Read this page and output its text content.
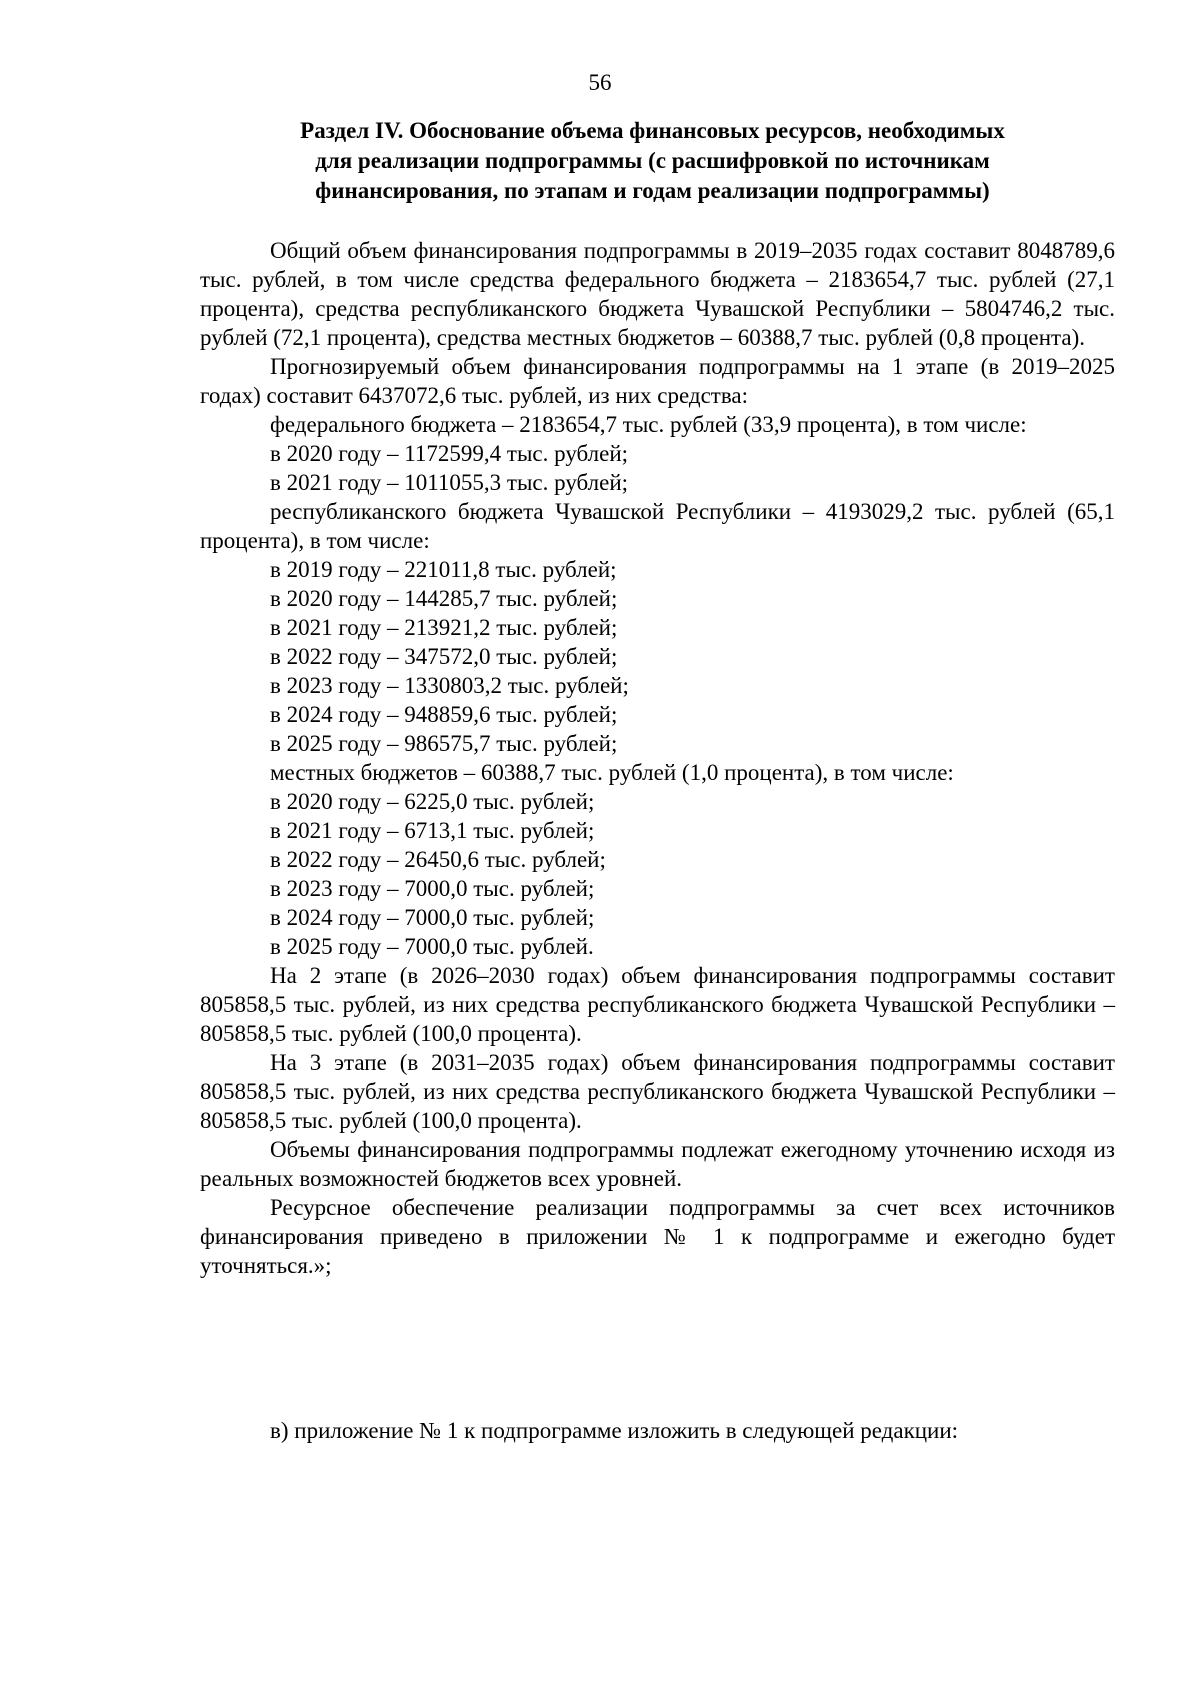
56
Раздел IV. Обоснование объема финансовых ресурсов, необходимых
для реализации подпрограммы (с расшифровкой по источникам
финансирования, по этапам и годам реализации подпрограммы)

Общий объем финансирования подпрограммы в 2019–2035 годах составит 8048789,6 тыс. рублей, в том числе средства федерального бюджета – 2183654,7 тыс. рублей (27,1 процента), средства республиканского бюджета Чувашской Республики – 5804746,2 тыс. рублей (72,1 процента), средства местных бюджетов – 60388,7 тыс. рублей (0,8 процента).

Прогнозируемый объем финансирования подпрограммы на 1 этапе (в 2019–2025 годах) составит 6437072,6 тыс. рублей, из них средства:

федерального бюджета – 2183654,7 тыс. рублей (33,9 процента), в том числе:

в 2020 году – 1172599,4 тыс. рублей;

в 2021 году – 1011055,3 тыс. рублей;

республиканского бюджета Чувашской Республики – 4193029,2 тыс. рублей (65,1 процента), в том числе:

в 2019 году – 221011,8 тыс. рублей;

в 2020 году – 144285,7 тыс. рублей;

в 2021 году – 213921,2 тыс. рублей;

в 2022 году – 347572,0 тыс. рублей;

в 2023 году – 1330803,2 тыс. рублей;

в 2024 году – 948859,6 тыс. рублей;

в 2025 году – 986575,7 тыс. рублей;

местных бюджетов – 60388,7 тыс. рублей (1,0 процента), в том числе:

в 2020 году – 6225,0 тыс. рублей;

в 2021 году – 6713,1 тыс. рублей;

в 2022 году – 26450,6 тыс. рублей;

в 2023 году – 7000,0 тыс. рублей;

в 2024 году – 7000,0 тыс. рублей;

в 2025 году – 7000,0 тыс. рублей.

На 2 этапе (в 2026–2030 годах) объем финансирования подпрограммы составит 805858,5 тыс. рублей, из них средства республиканского бюджета Чувашской Республики – 805858,5 тыс. рублей (100,0 процента).

На 3 этапе (в 2031–2035 годах) объем финансирования подпрограммы составит 805858,5 тыс. рублей, из них средства республиканского бюджета Чувашской Республики – 805858,5 тыс. рублей (100,0 процента).

Объемы финансирования подпрограммы подлежат ежегодному уточнению исходя из реальных возможностей бюджетов всех уровней.

Ресурсное обеспечение реализации подпрограммы за счет всех источников финансирования приведено в приложении № 1 к подпрограмме и ежегодно будет уточняться.»;

в) приложение № 1 к подпрограмме изложить в следующей редакции:
